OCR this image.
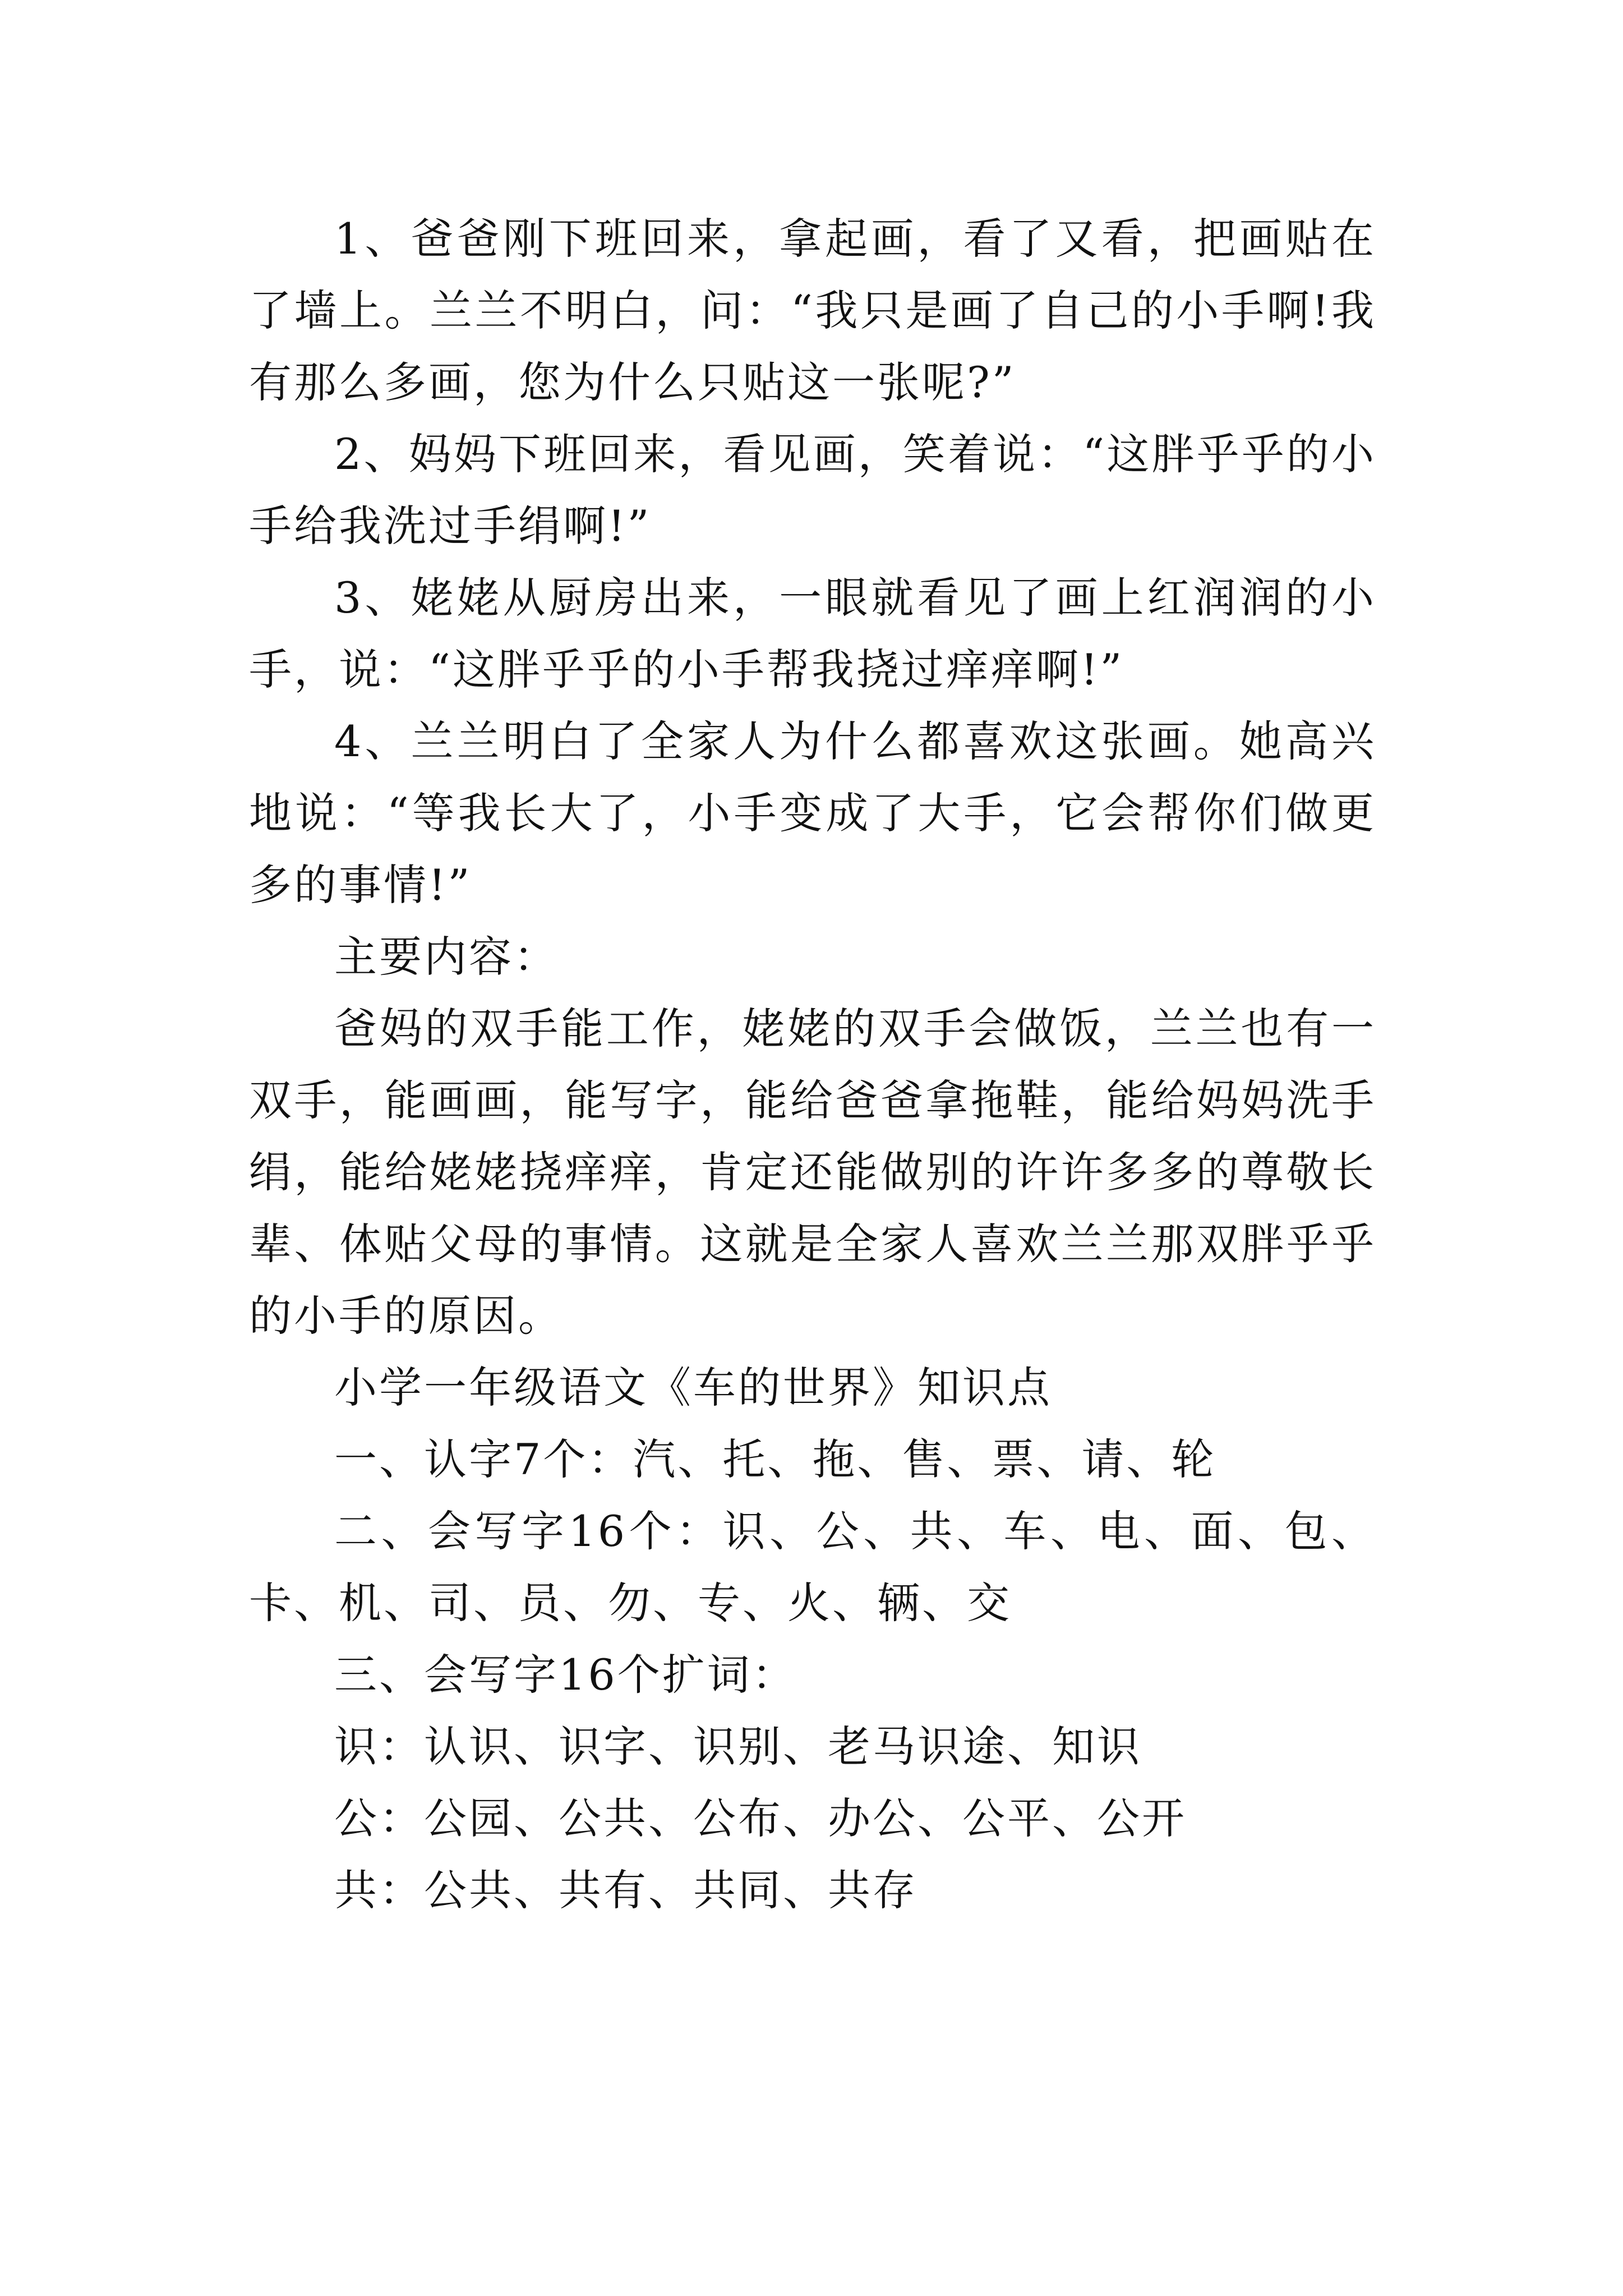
1、爸爸刚下班回来，拿起画，看了又看，把画贴在了墙上。兰兰不明白，问：“我只是画了自己的小手啊!我有那么多画，您为什么只贴这一张呢?”

2、妈妈下班回来，看见画，笑着说：“这胖乎乎的小手给我洗过手绢啊!”

3、姥姥从厨房出来，一眼就看见了画上红润润的小手，说：“这胖乎乎的小手帮我挠过痒痒啊!”

4、兰兰明白了全家人为什么都喜欢这张画。她高兴地说：“等我长大了，小手变成了大手，它会帮你们做更多的事情!”

主要内容：

爸妈的双手能工作，姥姥的双手会做饭，兰兰也有一双手，能画画，能写字，能给爸爸拿拖鞋，能给妈妈洗手绢，能给姥姥挠痒痒，肯定还能做别的许许多多的尊敬长辈、体贴父母的事情。这就是全家人喜欢兰兰那双胖乎乎的小手的原因。

小学一年级语文《车的世界》知识点

一、认字7个：汽、托、拖、售、票、请、轮

二、会写字16个：识、公、共、车、电、面、包、卡、机、司、员、勿、专、火、辆、交

三、会写字16个扩词：

识：认识、识字、识别、老马识途、知识

公：公园、公共、公布、办公、公平、公开

共：公共、共有、共同、共存
